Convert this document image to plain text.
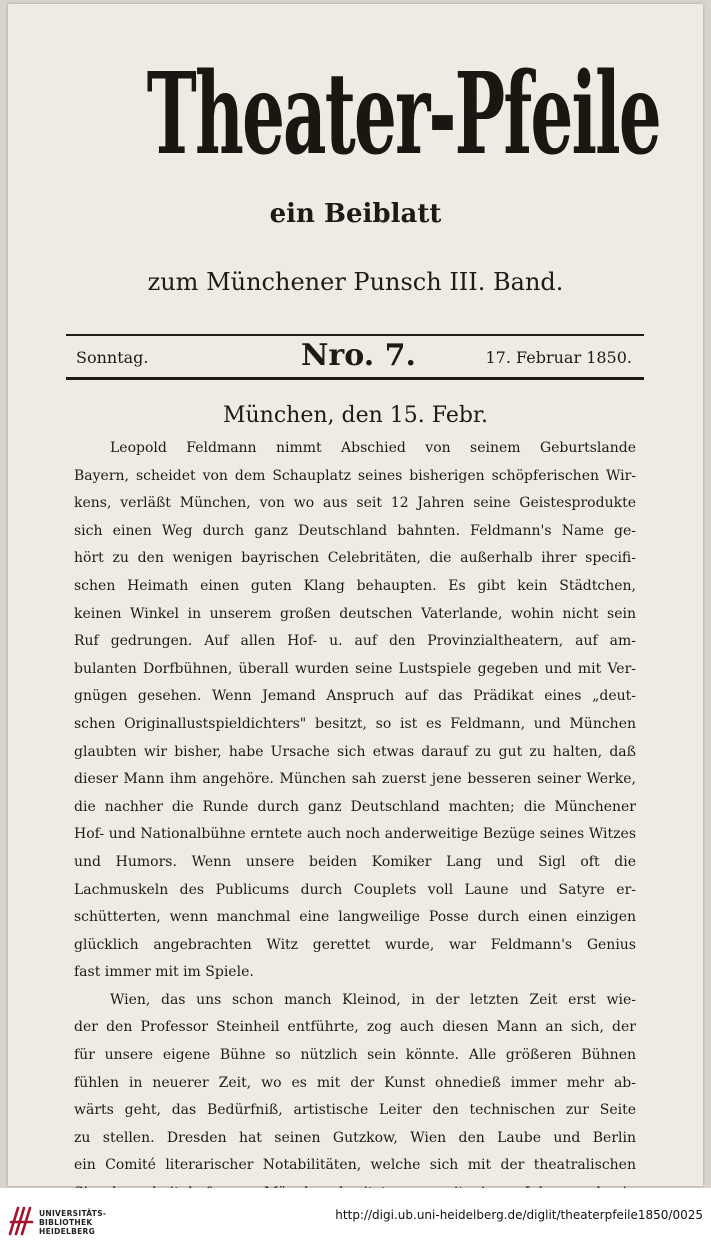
Theater-Pfeile
ein Beiblatt
zum Münchener Punsch III. Band.
Sonntag.	Nro. 7.	17. Februar 1850.
München, den 15. Febr.
Leopold Feldmann nimmt Abschied von seinem Geburtslande
Bayern, scheidet von dem Schauplatz seines bisherigen schöpferischen Wir-
kens, verläßt München, von wo aus seit 12 Jahren seine Geistesprodukte
sich einen Weg durch ganz Deutschland bahnten. Feldmann's Name ge-
hört zu den wenigen bayrischen Celebritäten, die außerhalb ihrer specifi-
schen Heimath einen guten Klang behaupten. Es gibt kein Städtchen,
keinen Winkel in unserem großen deutschen Vaterlande, wohin nicht sein
Ruf gedrungen. Auf allen Hof- u. auf den Provinzialtheatern, auf am-
bulanten Dorfbühnen, überall wurden seine Lustspiele gegeben und mit Ver-
gnügen gesehen. Wenn Jemand Anspruch auf das Prädikat eines „deut-
schen Originallustspieldichters" besitzt, so ist es Feldmann, und München
glaubten wir bisher, habe Ursache sich etwas darauf zu gut zu halten, daß
dieser Mann ihm angehöre. München sah zuerst jene besseren seiner Werke,
die nachher die Runde durch ganz Deutschland machten; die Münchener
Hof- und Nationalbühne erntete auch noch anderweitige Bezüge seines Witzes
und Humors. Wenn unsere beiden Komiker Lang und Sigl oft die
Lachmuskeln des Publicums durch Couplets voll Laune und Satyre er-
schütterten, wenn manchmal eine langweilige Posse durch einen einzigen
glücklich angebrachten Witz gerettet wurde, war Feldmann's Genius
fast immer mit im Spiele.
Wien, das uns schon manch Kleinod, in der letzten Zeit erst wie-
der den Professor Steinheil entführte, zog auch diesen Mann an sich, der
für unsere eigene Bühne so nützlich sein könnte. Alle größeren Bühnen
fühlen in neuerer Zeit, wo es mit der Kunst ohnedieß immer mehr ab-
wärts geht, das Bedürfniß, artistische Leiter den technischen zur Seite
zu stellen. Dresden hat seinen Gutzkow, Wien den Laube und Berlin
ein Comité literarischer Notabilitäten, welche sich mit der theatralischen
UNIVERSITÄTS-
BIBLIOTHEK
HEIDELBERG
http://digi.ub.uni-heidelberg.de/diglit/theaterpfeile1850/0025
